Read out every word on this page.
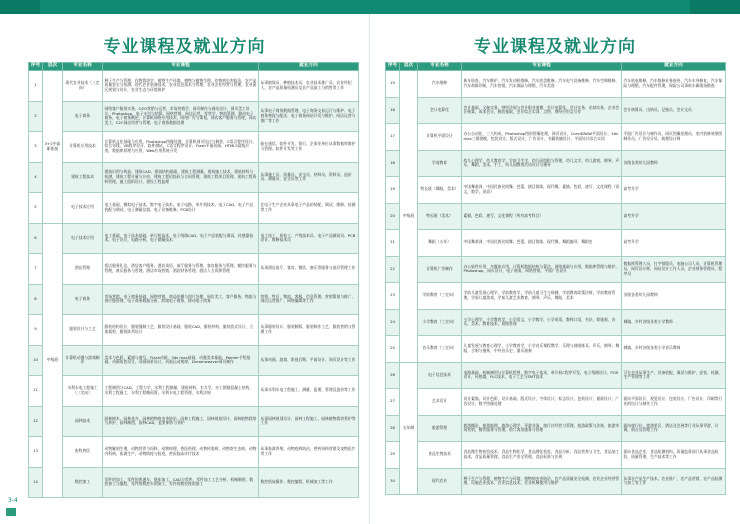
专业课程及就业方向
序号	层次	专业名称	专业课程	就业方向
1	3+2中高职衔接	现代农业技术（三定向）	种子生产与管理，作物栽培学，植物生产环境，植物与植物生理，作物病虫害防治，农产品质量安全与检测，现代农业装备技术，农业信息技术与管理，农业企业经营与管理，农业园区规划与设计，农业生态与环境保护	从事植保员、种植技术员、农业技术推广员、农业经纪人、农产品质量检测员及农产品加工与销售等工作
2		电子商务	网络客户服务实务，O2O营销与运营，市场营销学，网页制作与网站设计，网页美工设计，Photoshop，电子支付与结算，网络营销，网店运营，零售学，物流管理，移动电子商务，电子商务概论，计算机网络应用技术，网络广告与策划，网店客户服务与管理，网店美工，C2C网店经营与管理，电子商务数据处理	从事电子商务数据管理，电子商务交易运行与维护、电子商务物流与配送、电子商务网站开发与维护、网店运营与推广等工作
3		计算机应用技术	计算机文化基础与应用，Photoshop图像处理，计算机网页设计与制作，C语言程序设计，综合布线，VB程序设计，软件测试，C语言程序设计，Flash平面动画，HTML5高级应用，数据库原理与应用，Web应用系统开发	能在通信、软件开发、银行、企事业单位从事数据库维护与管理、软件开发等工作
4		建筑工程技术	建筑识图与构造，建筑CAD，建筑结构基础，建筑工程测量，建筑施工技术，建筑材料与检测，建筑工程计量与计价，建筑工程招投标与合同管理，建筑工程项目管理，建筑工程资料管理，施工组织设计，建设工程监理	从事施工员、质量员、安全员、材料员、资料员、造价员、测量员、安全员等工作
5		电子技术应用	电工基础，模拟电子技术，数字电子技术，电子电路，单片机技术，电子CAD，电子产品装配与调试，电子测量仪器，电子设备维修，PCB设计	在电子生产企业从事电子产品的装配、调试、维修、检测等工作
6	中级班	电子技术应用	电工基础，电子技术基础，单片机技术，电子线路CAD，电子产品装配与调试，传感器技术，电子设计，电路分析，电子测量技术	电工技工、质检工、产线技术员、电子产品测试员、PCB设计、维修技术员
7		酒店管理	饭店服务礼仪，酒店客户服务，酒店英语，前厅服务与管理，客房服务与管理，餐饮服务与管理，康乐服务与管理，酒店市场营销，酒店财务管理，酒店人力资源管理	从事酒店前厅、客房、餐饮、康乐等服务与基层管理工作
8		电子商务	市场营销，电子商务基础，网络营销，商品拍摄与图片处理，网店美工，客户服务，物流与供应链管理，电子商务数据分析，跨境电子商务，移动电子商务	营销、售后、物流、客服、信息管理、营销策划与推广、网店运营推广、网络编辑等工作
9		服装设计与工艺	服装结构设计，服装缝制工艺，服装设计基础，服装CAD，服装材料，服装款式设计，立体裁剪，服装陈列设计	从事服装设计、服装制版、服装制作工艺、服装营销与管理工作
10		计算机动漫与游戏制作	美术与色彩，素描与速写，Flash动画，3ds max基础，动漫美术基础，Painter手绘基础，动画角色设计，动画场景设计，动画运动规律，Dreamweaver网页制作	从事动画、游戏、影视后期、平面设计、网页设计等工作
11		水利水电工程施工（三定向）	工程制图与CAD，工程力学，水利工程测量，建筑材料，水力学，水工钢筋混凝土结构，水利工程施工，水利工程概预算，水利水电工程管理，水利法规	从事水利水电工程施工、测量、监理、管理及造价等工作
12		园林技术	园林树木，园林花卉，园林植物病虫害防治，园林工程施工，园林规划设计，园林植物栽培与养护，园林制图，园林CAD，盆景制作与养护	从事园林规划设计、园林工程施工、园林植物栽培养护等工作
13		畜牧兽医	动物解剖生理，动物营养与饲料，动物病理，兽医药理，动物传染病，动物寄生虫病，动物内科病，畜禽生产，动物防疫与检疫，兽医临床诊疗技术	从事畜禽养殖、动物疫病防治、兽药饲料营销及宠物医疗等工作
14		数控加工	零件的加工，零件的普通车、铣床加工，CAD与零件，零件加工工艺分析，机械制图，数控加工与编程，零件的数控车削加工，零件的数控铣削加工	数控机床操作、数控编程、机械加工等工作
3-4
专业课程及就业方向
序号	层次	专业名称	专业课程	就业方向
15	中级班	汽车维修	新车检查，汽车维护，汽车发动机维修，汽车底盘维修，汽车电气设备维修，汽车空调维修，汽车故障诊断，汽车营销，汽车保险与理赔，汽车美容	汽车机电维修，汽车维修业务接待，汽车车身修复，汽车保险与理赔，汽车配件管理，保险公司事故车辆现场勘查
16		会计电算化	会计基础，文秘实务，财经法规与会计职业道德，会计电算化，会计实务，出纳实务，企业会计核算，成本会计，税收基础，会计综合实训，点钞，财经应用文写作	会计核算员、出纳员、记账员、会计文员
17		计算机平面设计	办公自动化，三大构成，Photoshop图形图像处理，网页设计，CorelDRAW平面设计，3ds max三维建模，包装设计，版式设计，广告设计，书籍装帧设计，平面设计综合实训	平面广告设计与制作员、网页图像处理员、室内装修效果图制作员、广告设计员、助理设计师
18		学前教育	幼儿心理学，幼儿教育学，学前卫生学，幼儿园组织与管理，幼儿文学，幼儿游戏，钢琴，声乐，舞蹈，美术，手工，幼儿园教育活动设计与指导	各级各类幼儿园教师
19		特长班（舞蹈，美术）	中国舞基训，中国民族民间舞，芭蕾，剧目排练，现代舞，素描，色彩，速写，文化课程（语文，数学，英语）	高考升学
20		特长班（美术）	素描，色彩，速写，文化课程（所有高考科目）	高考升学
21		舞蹈（五年）	中国舞基训，中国民族民间舞，芭蕾，剧目排练，现代舞，舞蹈编导，舞蹈史	高考升学
22		计算机广告制作	办公软件应用，多媒体应用，计算机数据结构与算法，网络基础与应用，数据库管理与维护，Photoshop，网页设计，电子商务，网络营销，平面广告设计	数据库管理人员，打字排版员，电脑公司人员，计算机管理员，网页设计师，网站设计工作人员，企业财务管理员，程序员
23		学前教育（三定向）	学前儿童发展心理学，学前教育学，学前儿童卫生与保健，学前教育政策法规，学前教育管理，学前儿童游戏，学前儿童艺术教育，钢琴，声乐，舞蹈，美术	各级各类幼儿园教师
24		小学教育（三定向）	小学心理学，小学教育学，小学语文，小学数学，小学英语，教师口语，书法，简笔画，音乐，美术，教育技术，班级管理	城镇、乡村各级各类小学教师
25		音乐教育（三定向）	儿童发展与教育心理学，小学教育学，小学音乐课程教学，乐理与视唱练耳，声乐，钢琴，舞蹈，合唱与指挥，中外音乐史，器乐演奏	城镇、乡村各级各类小学音乐教师
26	五年制	电子信息技术	电路基础，机械制图与计算机绘图，数字电子技术，单片机C程序开发，电子线路设计，PCB设计，传感器，PLC技术，电子工艺与SMT技术	可在企业从事生产，设备装配，调试与维护，安装，检测，生产管理等工作
27		艺术设计	设计素描，设计色彩，设计基础，版式设计，字体设计，标志设计，包装设计，插画设计，广告设计，数字图像处理	面向平面设计，视觉设计，包装设计，广告设计，印刷等行业的设计与制作工作
28		旅游管理	旅游概论，旅游地理，旅游心理学，导游业务，旅行社经营与管理，旅游政策与法规，旅游市场营销，餐饮服务与管理，前厅客房服务与管理	面向旅行社，旅游景区，酒店及会展等行业从事导游，计调，前台及管理工作
29		食品生物技术	食品微生物检验技术，食品生物化学，食品理化检验，食品分析，食品营养与卫生，食品加工技术，食品质量管理，食品生产安全管理，食品标准与法规	面向食品企业，食品检测机构，质量监督部门从事食品检验，质量管理，生产技术等工作
30		现代农业	种子生产与管理，植物生产与环境，植物病虫害防治，农产品质量安全检测，农业企业经营管理，设施农业技术，农业信息技术，农业机械使用与维护	从事农产品生产技术，农业推广，农产品营销，农产品检测与加工等工作
